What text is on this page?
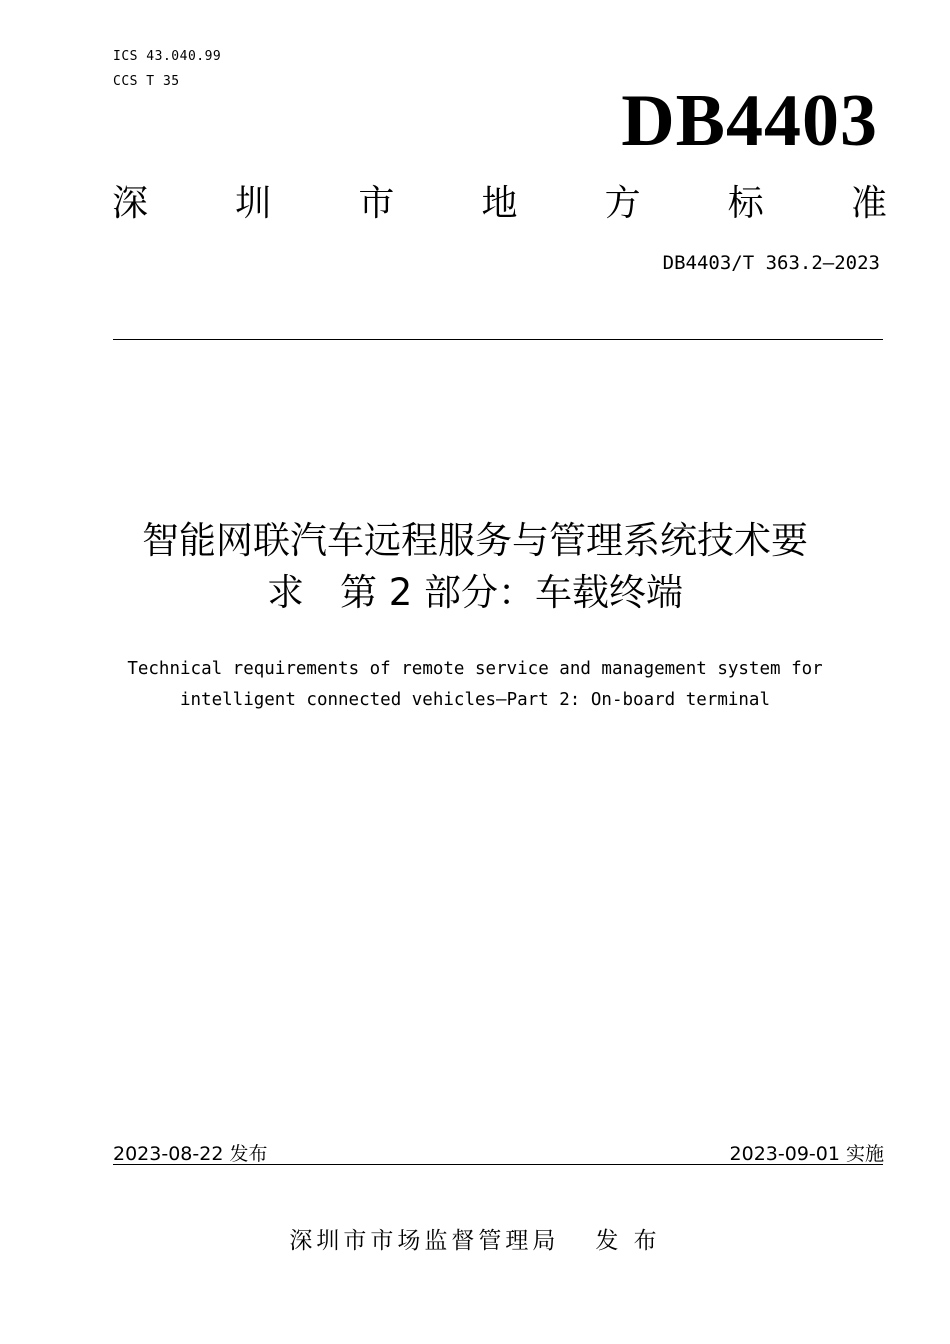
ICS 43.040.99
CCS T 35	DB4403
深 圳 市 地 方 标 准
DB4403/T 363.2—2023
智能网联汽车远程服务与管理系统技术要
求 第 2 部分：车载终端
Technical requirements of remote service and management system for
intelligent connected vehicles—Part 2: On-board terminal
2023-08-22 发布	2023-09-01 实施
深圳市市场监督管理局 发 布
